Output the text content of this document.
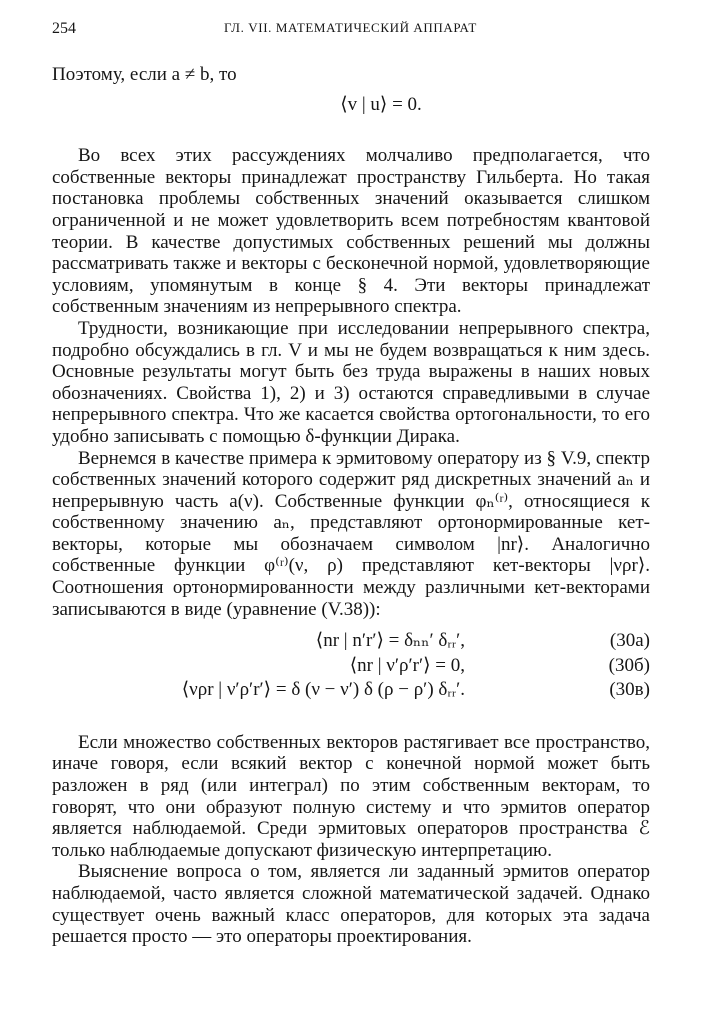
254	ГЛ. VII. МАТЕМАТИЧЕСКИЙ АППАРАТ

Поэтому, если a ≠ b, то

⟨v | u⟩ = 0.

Во всех этих рассуждениях молчаливо предполагается, что собственные векторы принадлежат пространству Гильберта. Но такая постановка проблемы собственных значений оказывается слишком ограниченной и не может удовлетворить всем потребностям квантовой теории. В качестве допустимых собственных решений мы должны рассматривать также и векторы с бесконечной нормой, удовлетворяющие условиям, упомянутым в конце § 4. Эти векторы принадлежат собственным значениям из непрерывного спектра.

Трудности, возникающие при исследовании непрерывного спектра, подробно обсуждались в гл. V и мы не будем возвращаться к ним здесь. Основные результаты могут быть без труда выражены в наших новых обозначениях. Свойства 1), 2) и 3) остаются справедливыми в случае непрерывного спектра. Что же касается свойства ортогональности, то его удобно записывать с помощью δ-функции Дирака.

Вернемся в качестве примера к эрмитовому оператору из § V.9, спектр собственных значений которого содержит ряд дискретных значений aₙ и непрерывную часть a(ν). Собственные функции φₙ⁽ʳ⁾, относящиеся к собственному значению aₙ, представляют ортонормированные кет-векторы, которые мы обозначаем символом |nr⟩. Аналогично собственные функции φ⁽ʳ⁾(ν, ρ) представляют кет-векторы |νρr⟩. Соотношения ортонормированности между различными кет-векторами записываются в виде (уравнение (V.38)):

⟨nr | n′r′⟩ = δₙₙ′ δᵣᵣ′,	(30а)
⟨nr | ν′ρ′r′⟩ = 0,	(30б)
⟨νρr | ν′ρ′r′⟩ = δ (ν − ν′) δ (ρ − ρ′) δᵣᵣ′.	(30в)

Если множество собственных векторов растягивает все пространство, иначе говоря, если всякий вектор с конечной нормой может быть разложен в ряд (или интеграл) по этим собственным векторам, то говорят, что они образуют полную систему и что эрмитов оператор является наблюдаемой. Среди эрмитовых операторов пространства ℰ только наблюдаемые допускают физическую интерпретацию.

Выяснение вопроса о том, является ли заданный эрмитов оператор наблюдаемой, часто является сложной математической задачей. Однако существует очень важный класс операторов, для которых эта задача решается просто — это операторы проектирования.
